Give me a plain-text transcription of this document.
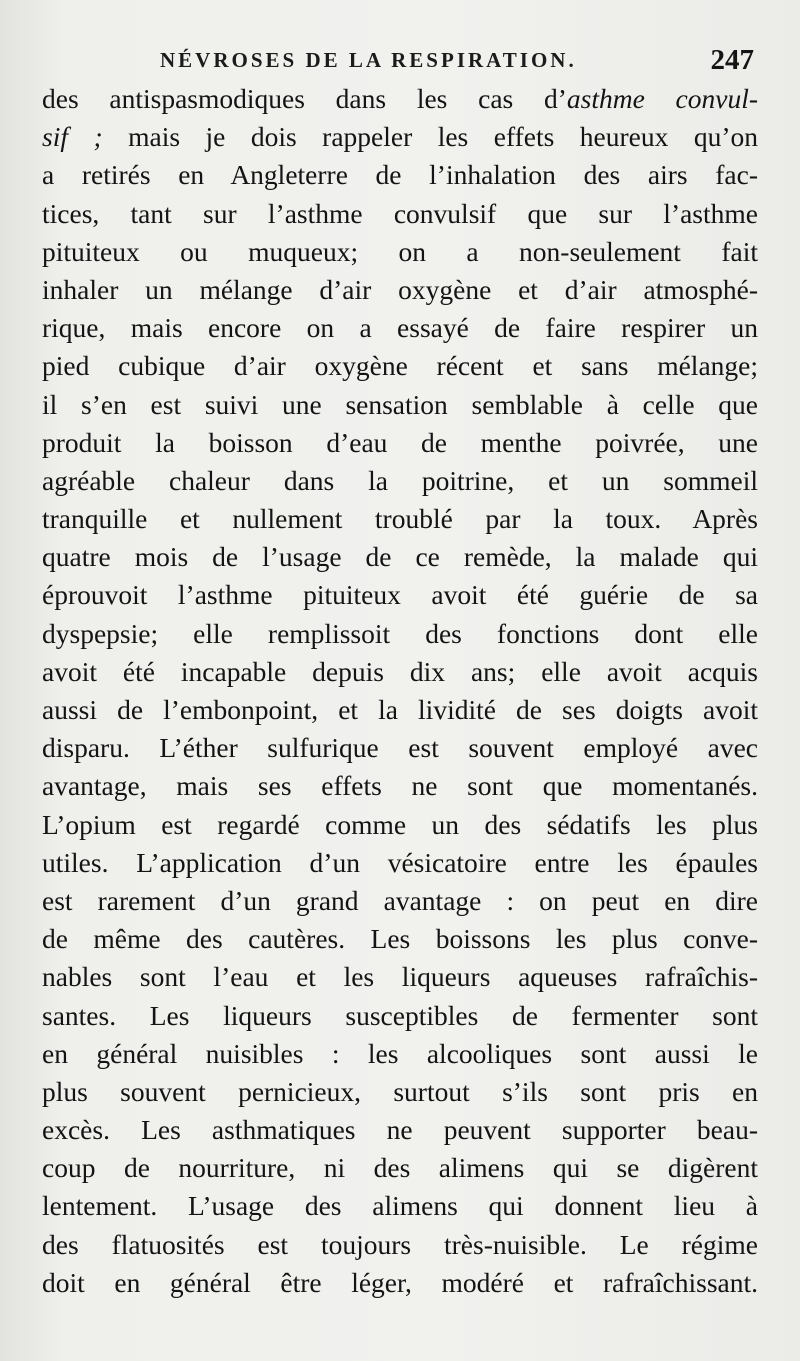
NÉVROSES DE LA RESPIRATION.	247
des antispasmodiques dans les cas d’asthme convul-
sif ; mais je dois rappeler les effets heureux qu’on
a retirés en Angleterre de l’inhalation des airs fac-
tices, tant sur l’asthme convulsif que sur l’asthme
pituiteux ou muqueux; on a non-seulement fait
inhaler un mélange d’air oxygène et d’air atmosphé-
rique, mais encore on a essayé de faire respirer un
pied cubique d’air oxygène récent et sans mélange;
il s’en est suivi une sensation semblable à celle que
produit la boisson d’eau de menthe poivrée, une
agréable chaleur dans la poitrine, et un sommeil
tranquille et nullement troublé par la toux. Après
quatre mois de l’usage de ce remède, la malade qui
éprouvoit l’asthme pituiteux avoit été guérie de sa
dyspepsie; elle remplissoit des fonctions dont elle
avoit été incapable depuis dix ans; elle avoit acquis
aussi de l’embonpoint, et la lividité de ses doigts avoit
disparu. L’éther sulfurique est souvent employé avec
avantage, mais ses effets ne sont que momentanés.
L’opium est regardé comme un des sédatifs les plus
utiles. L’application d’un vésicatoire entre les épaules
est rarement d’un grand avantage : on peut en dire
de même des cautères. Les boissons les plus conve-
nables sont l’eau et les liqueurs aqueuses rafraîchis-
santes. Les liqueurs susceptibles de fermenter sont
en général nuisibles : les alcooliques sont aussi le
plus souvent pernicieux, surtout s’ils sont pris en
excès. Les asthmatiques ne peuvent supporter beau-
coup de nourriture, ni des alimens qui se digèrent
lentement. L’usage des alimens qui donnent lieu à
des flatuosités est toujours très-nuisible. Le régime
doit en général être léger, modéré et rafraîchissant.
